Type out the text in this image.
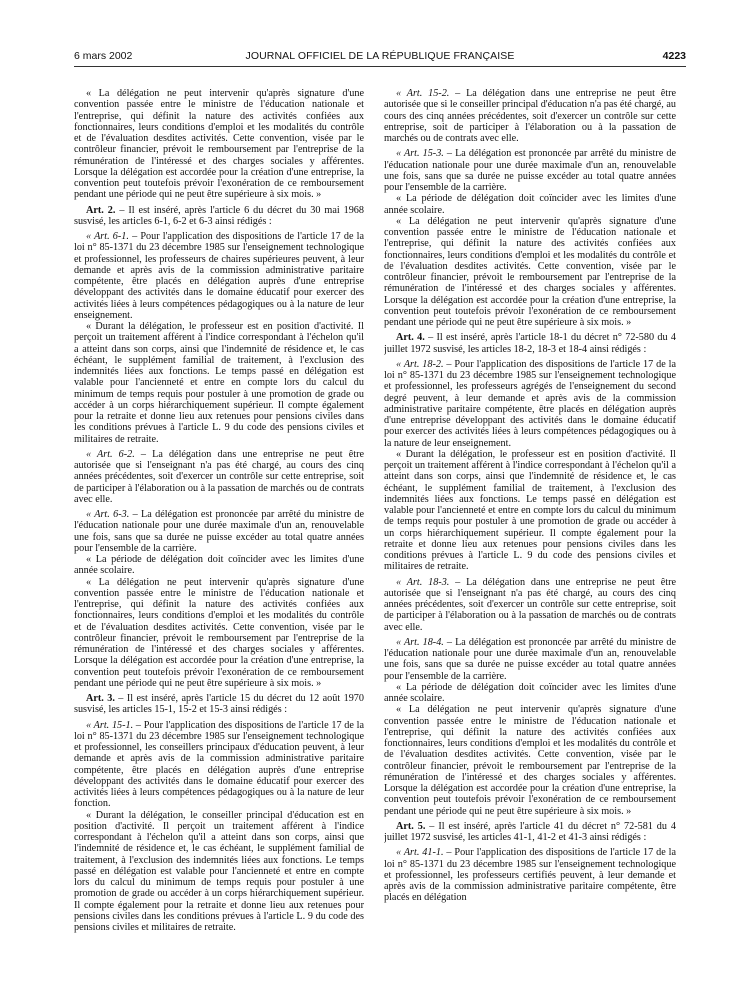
6 mars 2002	JOURNAL OFFICIEL DE LA RÉPUBLIQUE FRANÇAISE	4223

« La délégation ne peut intervenir qu'après signature d'une convention passée entre le ministre de l'éducation nationale et l'entreprise, qui définit la nature des activités confiées aux fonctionnaires, leurs conditions d'emploi et les modalités du contrôle et de l'évaluation desdites activités. Cette convention, visée par le contrôleur financier, prévoit le remboursement par l'entreprise de la rémunération de l'intéressé et des charges sociales y afférentes. Lorsque la délégation est accordée pour la création d'une entreprise, la convention peut toutefois prévoir l'exonération de ce remboursement pendant une période qui ne peut être supérieure à six mois. »

Art. 2. – Il est inséré, après l'article 6 du décret du 30 mai 1968 susvisé, les articles 6-1, 6-2 et 6-3 ainsi rédigés :

« Art. 6-1. – Pour l'application des dispositions de l'article 17 de la loi n° 85-1371 du 23 décembre 1985 sur l'enseignement technologique et professionnel, les professeurs de chaires supérieures peuvent, à leur demande et après avis de la commission administrative paritaire compétente, être placés en délégation auprès d'une entreprise développant des activités dans le domaine éducatif pour exercer des activités liées à leurs compétences pédagogiques ou à la nature de leur enseignement.

« Durant la délégation, le professeur est en position d'activité. Il perçoit un traitement afférent à l'indice correspondant à l'échelon qu'il a atteint dans son corps, ainsi que l'indemnité de résidence et, le cas échéant, le supplément familial de traitement, à l'exclusion des indemnités liées aux fonctions. Le temps passé en délégation est valable pour l'ancienneté et entre en compte lors du calcul du minimum de temps requis pour postuler à une promotion de grade ou accéder à un corps hiérarchiquement supérieur. Il compte également pour la retraite et donne lieu aux retenues pour pensions civiles dans les conditions prévues à l'article L. 9 du code des pensions civiles et militaires de retraite.

« Art. 6-2. – La délégation dans une entreprise ne peut être autorisée que si l'enseignant n'a pas été chargé, au cours des cinq années précédentes, soit d'exercer un contrôle sur cette entreprise, soit de participer à l'élaboration ou à la passation de marchés ou de contrats avec elle.

« Art. 6-3. – La délégation est prononcée par arrêté du ministre de l'éducation nationale pour une durée maximale d'un an, renouvelable une fois, sans que sa durée ne puisse excéder au total quatre années pour l'ensemble de la carrière.

« La période de délégation doit coïncider avec les limites d'une année scolaire.

« La délégation ne peut intervenir qu'après signature d'une convention passée entre le ministre de l'éducation nationale et l'entreprise, qui définit la nature des activités confiées aux fonctionnaires, leurs conditions d'emploi et les modalités du contrôle et de l'évaluation desdites activités. Cette convention, visée par le contrôleur financier, prévoit le remboursement par l'entreprise de la rémunération de l'intéressé et des charges sociales y afférentes. Lorsque la délégation est accordée pour la création d'une entreprise, la convention peut toutefois prévoir l'exonération de ce remboursement pendant une période qui ne peut être supérieure à six mois. »

Art. 3. – Il est inséré, après l'article 15 du décret du 12 août 1970 susvisé, les articles 15-1, 15-2 et 15-3 ainsi rédigés :

« Art. 15-1. – Pour l'application des dispositions de l'article 17 de la loi n° 85-1371 du 23 décembre 1985 sur l'enseignement technologique et professionnel, les conseillers principaux d'éducation peuvent, à leur demande et après avis de la commission administrative paritaire compétente, être placés en délégation auprès d'une entreprise développant des activités dans le domaine éducatif pour exercer des activités liées à leurs compétences pédagogiques ou à la nature de leur fonction.

« Durant la délégation, le conseiller principal d'éducation est en position d'activité. Il perçoit un traitement afférent à l'indice correspondant à l'échelon qu'il a atteint dans son corps, ainsi que l'indemnité de résidence et, le cas échéant, le supplément familial de traitement, à l'exclusion des indemnités liées aux fonctions. Le temps passé en délégation est valable pour l'ancienneté et entre en compte lors du calcul du minimum de temps requis pour postuler à une promotion de grade ou accéder à un corps hiérarchiquement supérieur. Il compte également pour la retraite et donne lieu aux retenues pour pensions civiles dans les conditions prévues à l'article L. 9 du code des pensions civiles et militaires de retraite.

« Art. 15-2. – La délégation dans une entreprise ne peut être autorisée que si le conseiller principal d'éducation n'a pas été chargé, au cours des cinq années précédentes, soit d'exercer un contrôle sur cette entreprise, soit de participer à l'élaboration ou à la passation de marchés ou de contrats avec elle.

« Art. 15-3. – La délégation est prononcée par arrêté du ministre de l'éducation nationale pour une durée maximale d'un an, renouvelable une fois, sans que sa durée ne puisse excéder au total quatre années pour l'ensemble de la carrière.

« La période de délégation doit coïncider avec les limites d'une année scolaire.

« La délégation ne peut intervenir qu'après signature d'une convention passée entre le ministre de l'éducation nationale et l'entreprise, qui définit la nature des activités confiées aux fonctionnaires, leurs conditions d'emploi et les modalités du contrôle et de l'évaluation desdites activités. Cette convention, visée par le contrôleur financier, prévoit le remboursement par l'entreprise de la rémunération de l'intéressé et des charges sociales y afférentes. Lorsque la délégation est accordée pour la création d'une entreprise, la convention peut toutefois prévoir l'exonération de ce remboursement pendant une période qui ne peut être supérieure à six mois. »

Art. 4. – Il est inséré, après l'article 18-1 du décret n° 72-580 du 4 juillet 1972 susvisé, les articles 18-2, 18-3 et 18-4 ainsi rédigés :

« Art. 18-2. – Pour l'application des dispositions de l'article 17 de la loi n° 85-1371 du 23 décembre 1985 sur l'enseignement technologique et professionnel, les professeurs agrégés de l'enseignement du second degré peuvent, à leur demande et après avis de la commission administrative paritaire compétente, être placés en délégation auprès d'une entreprise développant des activités dans le domaine éducatif pour exercer des activités liées à leurs compétences pédagogiques ou à la nature de leur enseignement.

« Durant la délégation, le professeur est en position d'activité. Il perçoit un traitement afférent à l'indice correspondant à l'échelon qu'il a atteint dans son corps, ainsi que l'indemnité de résidence et, le cas échéant, le supplément familial de traitement, à l'exclusion des indemnités liées aux fonctions. Le temps passé en délégation est valable pour l'ancienneté et entre en compte lors du calcul du minimum de temps requis pour postuler à une promotion de grade ou accéder à un corps hiérarchiquement supérieur. Il compte également pour la retraite et donne lieu aux retenues pour pensions civiles dans les conditions prévues à l'article L. 9 du code des pensions civiles et militaires de retraite.

« Art. 18-3. – La délégation dans une entreprise ne peut être autorisée que si l'enseignant n'a pas été chargé, au cours des cinq années précédentes, soit d'exercer un contrôle sur cette entreprise, soit de participer à l'élaboration ou à la passation de marchés ou de contrats avec elle.

« Art. 18-4. – La délégation est prononcée par arrêté du ministre de l'éducation nationale pour une durée maximale d'un an, renouvelable une fois, sans que sa durée ne puisse excéder au total quatre années pour l'ensemble de la carrière.

« La période de délégation doit coïncider avec les limites d'une année scolaire.

« La délégation ne peut intervenir qu'après signature d'une convention passée entre le ministre de l'éducation nationale et l'entreprise, qui définit la nature des activités confiées aux fonctionnaires, leurs conditions d'emploi et les modalités du contrôle et de l'évaluation desdites activités. Cette convention, visée par le contrôleur financier, prévoit le remboursement par l'entreprise de la rémunération de l'intéressé et des charges sociales y afférentes. Lorsque la délégation est accordée pour la création d'une entreprise, la convention peut toutefois prévoir l'exonération de ce remboursement pendant une période qui ne peut être supérieure à six mois. »

Art. 5. – Il est inséré, après l'article 41 du décret n° 72-581 du 4 juillet 1972 susvisé, les articles 41-1, 41-2 et 41-3 ainsi rédigés :

« Art. 41-1. – Pour l'application des dispositions de l'article 17 de la loi n° 85-1371 du 23 décembre 1985 sur l'enseignement technologique et professionnel, les professeurs certifiés peuvent, à leur demande et après avis de la commission administrative paritaire compétente, être placés en délégation
